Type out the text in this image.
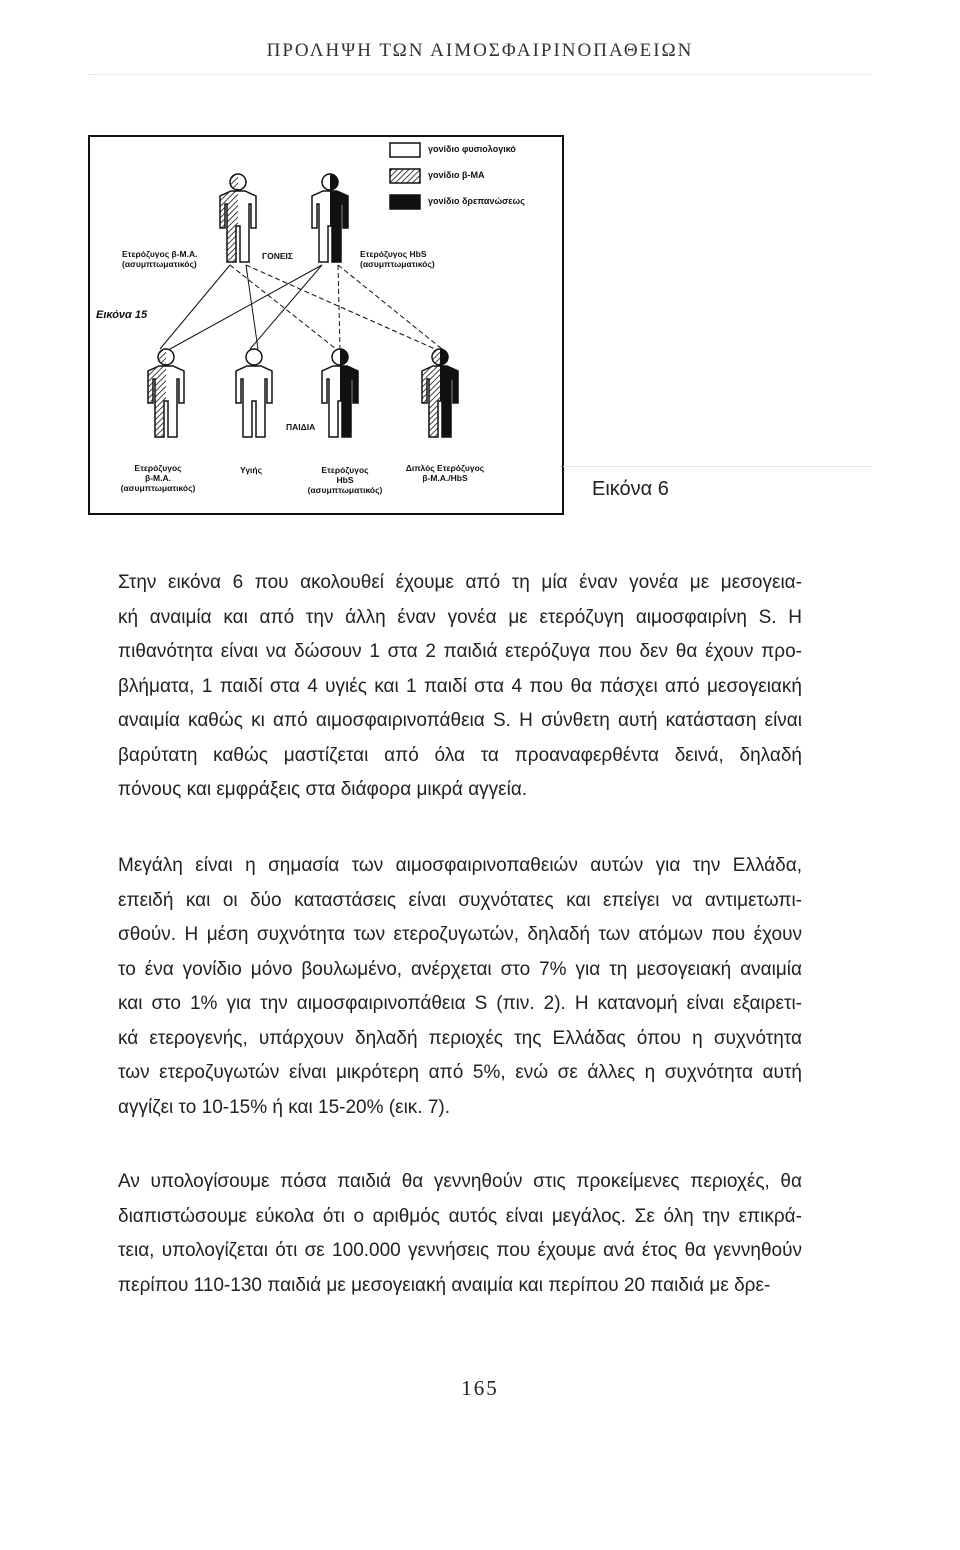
ΠΡΟΛΗΨΗ ΤΩΝ ΑΙΜΟΣΦΑΙΡΙΝΟΠΑΘΕΙΩΝ
γονίδιο φυσιολογικό
γονίδιο β-ΜΑ
γονίδιο δρεπανώσεως
Ετερόζυγος β-Μ.Α.
(ασυμπτωματικός)
ΓΟΝΕΙΣ	Ετερόζυγος HbS
(ασυμπτωματικός)
Εικόνα 15
ΠΑΙΔΙΑ
Ετερόζυγος
β-Μ.Α.
(ασυμπτωματικός)
Υγιής	Ετερόζυγος
HbS
(ασυμπτωματικός)
Διπλός Ετερόζυγος
β-Μ.Α./HbS	Εικόνα 6

Στην εικόνα 6 που ακολουθεί έχουμε από τη μία έναν γονέα με μεσογεια-
κή αναιμία και από την άλλη έναν γονέα με ετερόζυγη αιμοσφαιρίνη S. Η
πιθανότητα είναι να δώσουν 1 στα 2 παιδιά ετερόζυγα που δεν θα έχουν προ-
βλήματα, 1 παιδί στα 4 υγιές και 1 παιδί στα 4 που θα πάσχει από μεσογειακή
αναιμία καθώς κι από αιμοσφαιρινοπάθεια S. Η σύνθετη αυτή κατάσταση είναι
βαρύτατη καθώς μαστίζεται από όλα τα προαναφερθέντα δεινά, δηλαδή
πόνους και εμφράξεις στα διάφορα μικρά αγγεία.

Μεγάλη είναι η σημασία των αιμοσφαιρινοπαθειών αυτών για την Ελλάδα,
επειδή και οι δύο καταστάσεις είναι συχνότατες και επείγει να αντιμετωπι-
σθούν. Η μέση συχνότητα των ετεροζυγωτών, δηλαδή των ατόμων που έχουν
το ένα γονίδιο μόνο βουλωμένο, ανέρχεται στο 7% για τη μεσογειακή αναιμία
και στο 1% για την αιμοσφαιρινοπάθεια S (πιν. 2). Η κατανομή είναι εξαιρετι-
κά ετερογενής, υπάρχουν δηλαδή περιοχές της Ελλάδας όπου η συχνότητα
των ετεροζυγωτών είναι μικρότερη από 5%, ενώ σε άλλες η συχνότητα αυτή
αγγίζει το 10-15% ή και 15-20% (εικ. 7).

Αν υπολογίσουμε πόσα παιδιά θα γεννηθούν στις προκείμενες περιοχές, θα
διαπιστώσουμε εύκολα ότι ο αριθμός αυτός είναι μεγάλος. Σε όλη την επικρά-
τεια, υπολογίζεται ότι σε 100.000 γεννήσεις που έχουμε ανά έτος θα γεννηθούν
περίπου 110-130 παιδιά με μεσογειακή αναιμία και περίπου 20 παιδιά με δρε-

165
